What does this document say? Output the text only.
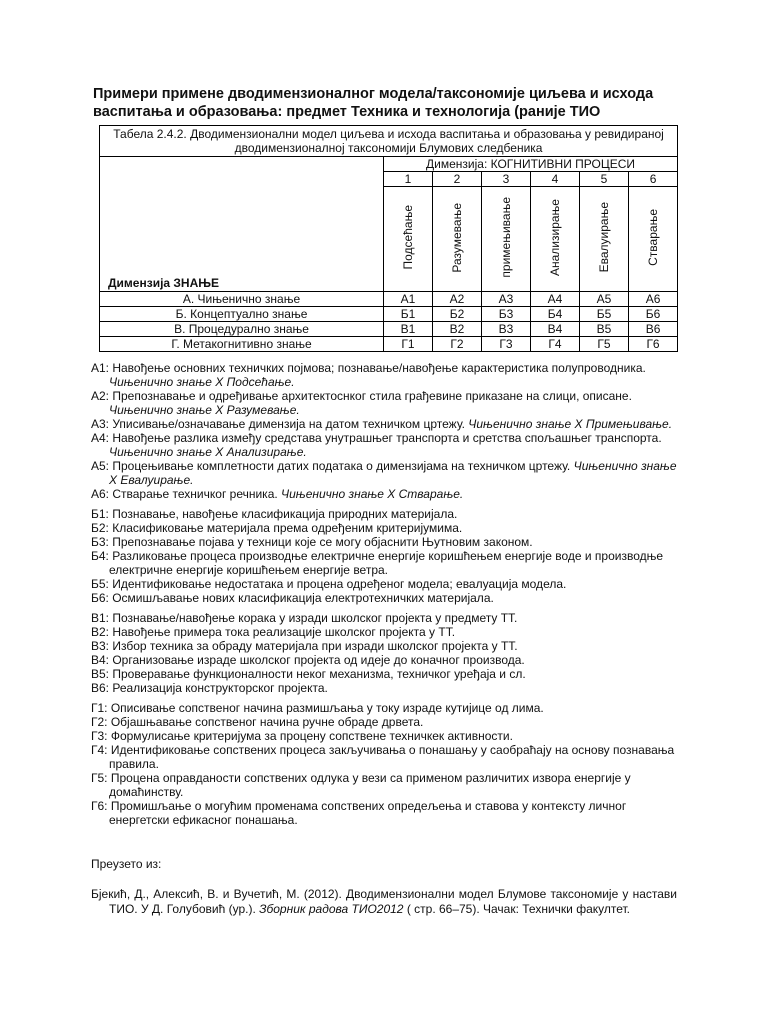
Примери примене дводимензионалног модела/таксономије циљева и исхода васпитања и образовања: предмет Техника и технологија (раније ТИО
Табела 2.4.2. Дводимензионални модел циљева и исхода васпитања и образовања у ревидираној дводимензионалној таксономији Блумових следбеника						
Димензија ЗНАЊЕ	Димензија: КОГНИТИВНИ ПРОЦЕСИ					
	1	2	3	4	5	6
	Подсећање	Разумевање	примењивање	Анализирање	Евалуирање	Стварање
А. Чињенично знање	А1	А2	А3	А4	А5	А6
Б. Концептуално знање	Б1	Б2	Б3	Б4	Б5	Б6
В. Процедурално знање	В1	В2	В3	В4	В5	В6
Г. Метакогнитивно знање	Г1	Г2	Г3	Г4	Г5	Г6

А1: Навођење основних техничких појмова; познавање/навођење карактеристика полупроводника. Чињенично знање X Подсећање.

А2: Препознавање и одређивање архитектоснког стила грађевине приказане на слици, описане. Чињенично знање X Разумевање.

А3: Уписивање/означавање димензија на датом техничком цртежу. Чињенично знање X Примењивање.

А4: Навођење разлика између средстава унутрашњег транспорта и сретства спољашњег транспорта. Чињенично знање X Анализирање.

А5: Процењивање комплетности датих података о димензијама на техничком цртежу. Чињенично знање X Евалуирање.

А6: Стварање техничког речника. Чињенично знање X Стварање.

Б1: Познавање, навођење класификација природних материјала.

Б2: Класификовање материјала према одређеним критеријумима.

Б3: Препознавање појава у техници које се могу објаснити Њутновим законом.

Б4: Разликовање процеса производње електричне енергије коришћењем енергије воде и производње електричне енергије коришћењем енергије ветра.

Б5: Идентификовање недостатака и процена одређеног модела; евалуација модела.

Б6: Осмишљавање нових класификација електротехничких материјала.

В1: Познавање/навођење корака у изради школског пројекта у предмету ТТ.

В2: Навођење примера тока реализације школског пројекта у ТТ.

В3: Избор техника за обраду материјала при изради школског пројекта у ТТ.

В4: Организовање израде школског пројекта од идеје до коначног производа.

В5: Проверавање функционалности неког механизма, техничког уређаја и сл.

В6: Реализација конструкторског пројекта.

Г1: Описивање сопственог начина размишљања у току израде кутијице од лима.

Г2: Објашњавање сопственог начина ручне обраде дрвета.

Г3: Формулисање критеријума за процену сопствене техничкек активности.

Г4: Идентификовање сопствених процеса закључивања о понашању у саобраћају на основу познавања правила.

Г5: Процена оправданости сопствених одлука у вези са применом различитих извора енергије у домаћинству.

Г6: Промишљање о могућим променама сопствених опредељења и ставова у контексту личног енергетски ефикасног понашања.

Преузето из:
Бјекић, Д., Алексић, В. и Вучетић, М. (2012). Дводимензионални модел Блумове таксономије у настави ТИО. У Д. Голубовић (ур.). Зборник радова ТИО2012 ( стр. 66–75). Чачак: Технички факултет.
